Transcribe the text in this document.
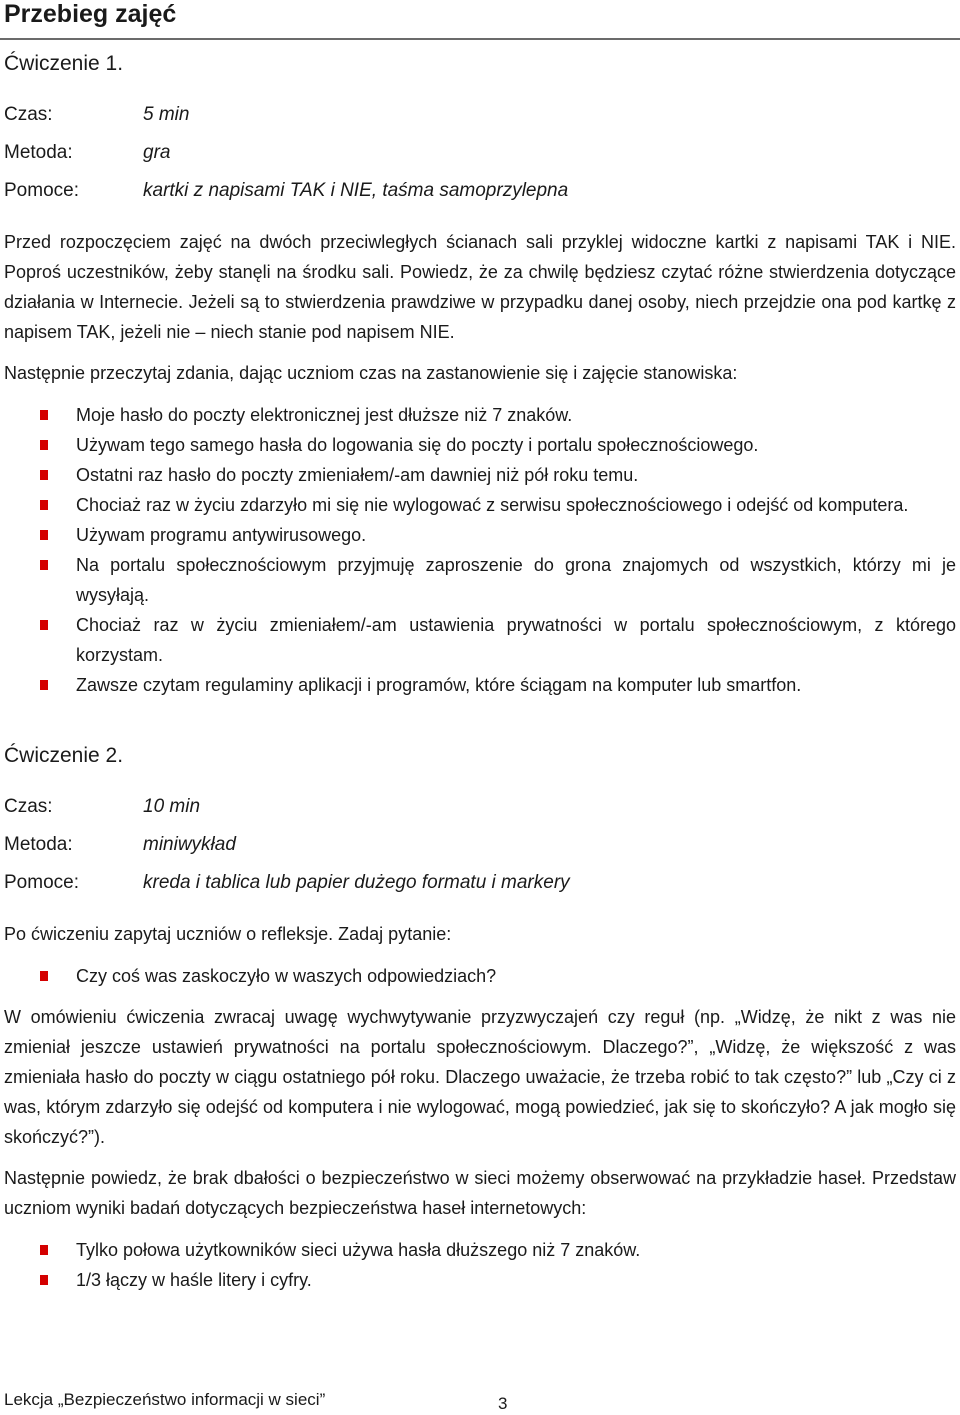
Przebieg zajęć
Ćwiczenie 1.
Czas:	5 min
Metoda:	gra
Pomoce:	kartki z napisami TAK i NIE, taśma samoprzylepna

Przed rozpoczęciem zajęć na dwóch przeciwległych ścianach sali przyklej widoczne kartki z napisami TAK i NIE. Poproś uczestników, żeby stanęli na środku sali. Powiedz, że za chwilę będziesz czytać różne stwierdzenia dotyczące działania w Internecie. Jeżeli są to stwierdzenia prawdziwe w przypadku danej osoby, niech przejdzie ona pod kartkę z napisem TAK, jeżeli nie – niech stanie pod napisem NIE.

Następnie przeczytaj zdania, dając uczniom czas na zastanowienie się i zajęcie stanowiska:

Moje hasło do poczty elektronicznej jest dłuższe niż 7 znaków.
Używam tego samego hasła do logowania się do poczty i portalu społecznościowego.
Ostatni raz hasło do poczty zmieniałem/-am dawniej niż pół roku temu.
Chociaż raz w życiu zdarzyło mi się nie wylogować z serwisu społecznościowego i odejść od komputera.
Używam programu antywirusowego.
Na portalu społecznościowym przyjmuję zaproszenie do grona znajomych od wszystkich, którzy mi je wysyłają.
Chociaż raz w życiu zmieniałem/-am ustawienia prywatności w portalu społecznościowym, z którego korzystam.
Zawsze czytam regulaminy aplikacji i programów, które ściągam na komputer lub smartfon.
Ćwiczenie 2.
Czas:	10 min
Metoda:	miniwykład
Pomoce:	kreda i tablica lub papier dużego formatu i markery

Po ćwiczeniu zapytaj uczniów o refleksje. Zadaj pytanie:

Czy coś was zaskoczyło w waszych odpowiedziach?

W omówieniu ćwiczenia zwracaj uwagę wychwytywanie przyzwyczajeń czy reguł (np. „Widzę, że nikt z was nie zmieniał jeszcze ustawień prywatności na portalu społecznościowym. Dlaczego?”, „Widzę, że większość z was zmieniała hasło do poczty w ciągu ostatniego pół roku. Dlaczego uważacie, że trzeba robić to tak często?” lub „Czy ci z was, którym zdarzyło się odejść od komputera i nie wylogować, mogą powiedzieć, jak się to skończyło? A jak mogło się skończyć?”).

Następnie powiedz, że brak dbałości o bezpieczeństwo w sieci możemy obserwować na przykładzie haseł. Przedstaw uczniom wyniki badań dotyczących bezpieczeństwa haseł internetowych:

Tylko połowa użytkowników sieci używa hasła dłuższego niż 7 znaków.
1/3 łączy w haśle litery i cyfry.
Lekcja „Bezpieczeństwo informacji w sieci”	3
